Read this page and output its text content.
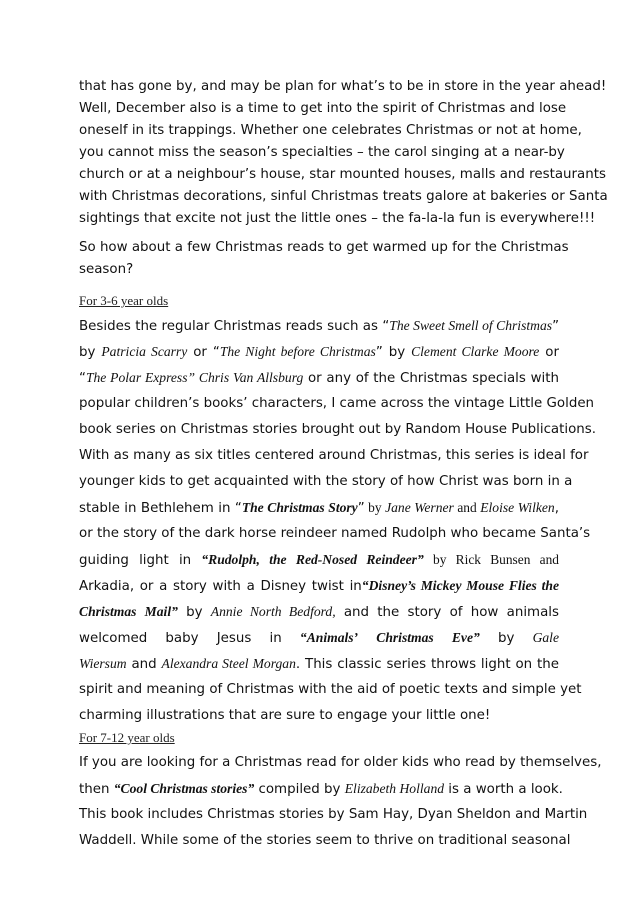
that has gone by, and may be plan for what’s to be in store in the year ahead!
Well, December also is a time to get into the spirit of Christmas and lose
oneself in its trappings. Whether one celebrates Christmas or not at home,
you cannot miss the season’s specialties – the carol singing at a near-by
church or at a neighbour’s house, star mounted houses, malls and restaurants
with Christmas decorations, sinful Christmas treats galore at bakeries or Santa
sightings that excite not just the little ones – the fa-la-la fun is everywhere!!!
So how about a few Christmas reads to get warmed up for the Christmas
season?
For 3-6 year olds
Besides the regular Christmas reads such as “The Sweet Smell of Christmas”
by Patricia Scarry or “The Night before Christmas” by Clement Clarke Moore or
“The Polar Express” Chris Van Allsburg or any of the Christmas specials with
popular children’s books’ characters, I came across the vintage Little Golden
book series on Christmas stories brought out by Random House Publications.
With as many as six titles centered around Christmas, this series is ideal for
younger kids to get acquainted with the story of how Christ was born in a
stable in Bethlehem in “The Christmas Story” by Jane Werner and Eloise Wilken,
or the story of the dark horse reindeer named Rudolph who became Santa’s
guiding light in “Rudolph, the Red-Nosed Reindeer” by Rick Bunsen and
Arkadia, or a story with a Disney twist in“Disney’s Mickey Mouse Flies the
Christmas Mail” by Annie North Bedford, and the story of how animals
welcomed baby Jesus in “Animals’ Christmas Eve” by Gale
Wiersum and Alexandra Steel Morgan. This classic series throws light on the
spirit and meaning of Christmas with the aid of poetic texts and simple yet
charming illustrations that are sure to engage your little one!
For 7-12 year olds
If you are looking for a Christmas read for older kids who read by themselves,
then “Cool Christmas stories” compiled by Elizabeth Holland is a worth a look.
This book includes Christmas stories by Sam Hay, Dyan Sheldon and Martin
Waddell. While some of the stories seem to thrive on traditional seasonal
